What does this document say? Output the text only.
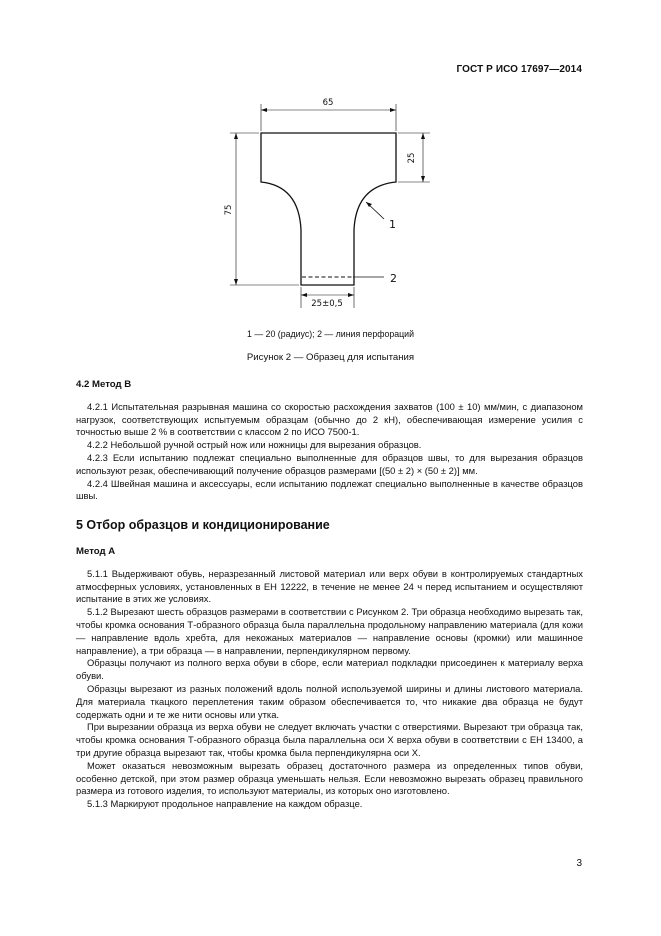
ГОСТ Р ИСО 17697—2014
65
25
75
25±0,5
1
2
1 — 20 (радиус); 2 — линия перфораций
Рисунок 2 — Образец для испытания
4.2 Метод B

4.2.1 Испытательная разрывная машина со скоростью расхождения захватов (100 ± 10) мм/мин, с диапазоном нагрузок, соответствующих испытуемым образцам (обычно до 2 кН), обеспечивающая измерение усилия с точностью выше 2 % в соответствии с классом 2 по ИСО 7500-1.

4.2.2 Небольшой ручной острый нож или ножницы для вырезания образцов.

4.2.3 Если испытанию подлежат специально выполненные для образцов швы, то для вырезания образцов используют резак, обеспечивающий получение образцов размерами [(50 ± 2) × (50 ± 2)] мм.

4.2.4 Швейная машина и аксессуары, если испытанию подлежат специально выполненные в качестве образцов швы.

5 Отбор образцов и кондиционирование
Метод А

5.1.1 Выдерживают обувь, неразрезанный листовой материал или верх обуви в контролируемых стандартных атмосферных условиях, установленных в ЕН 12222, в течение не менее 24 ч перед испытанием и осуществляют испытание в этих же условиях.

5.1.2 Вырезают шесть образцов размерами в соответствии с Рисунком 2. Три образца необходимо вырезать так, чтобы кромка основания Т-образного образца была параллельна продольному направлению материала (для кожи — направление вдоль хребта, для некожаных материалов — направление основы (кромки) или машинное направление), а три образца — в направлении, перпендикулярном первому.

Образцы получают из полного верха обуви в сборе, если материал подкладки присоединен к материалу верха обуви.

Образцы вырезают из разных положений вдоль полной используемой ширины и длины листового материала. Для материала ткацкого переплетения таким образом обеспечивается то, что никакие два образца не будут содержать одни и те же нити основы или утка.

При вырезании образца из верха обуви не следует включать участки с отверстиями. Вырезают три образца так, чтобы кромка основания Т-образного образца была параллельна оси X верха обуви в соответствии с ЕН 13400, а три другие образца вырезают так, чтобы кромка была перпендикулярна оси X.

Может оказаться невозможным вырезать образец достаточного размера из определенных типов обуви, особенно детской, при этом размер образца уменьшать нельзя. Если невозможно вырезать образец правильного размера из готового изделия, то используют материалы, из которых оно изготовлено.

5.1.3 Маркируют продольное направление на каждом образце.

3
